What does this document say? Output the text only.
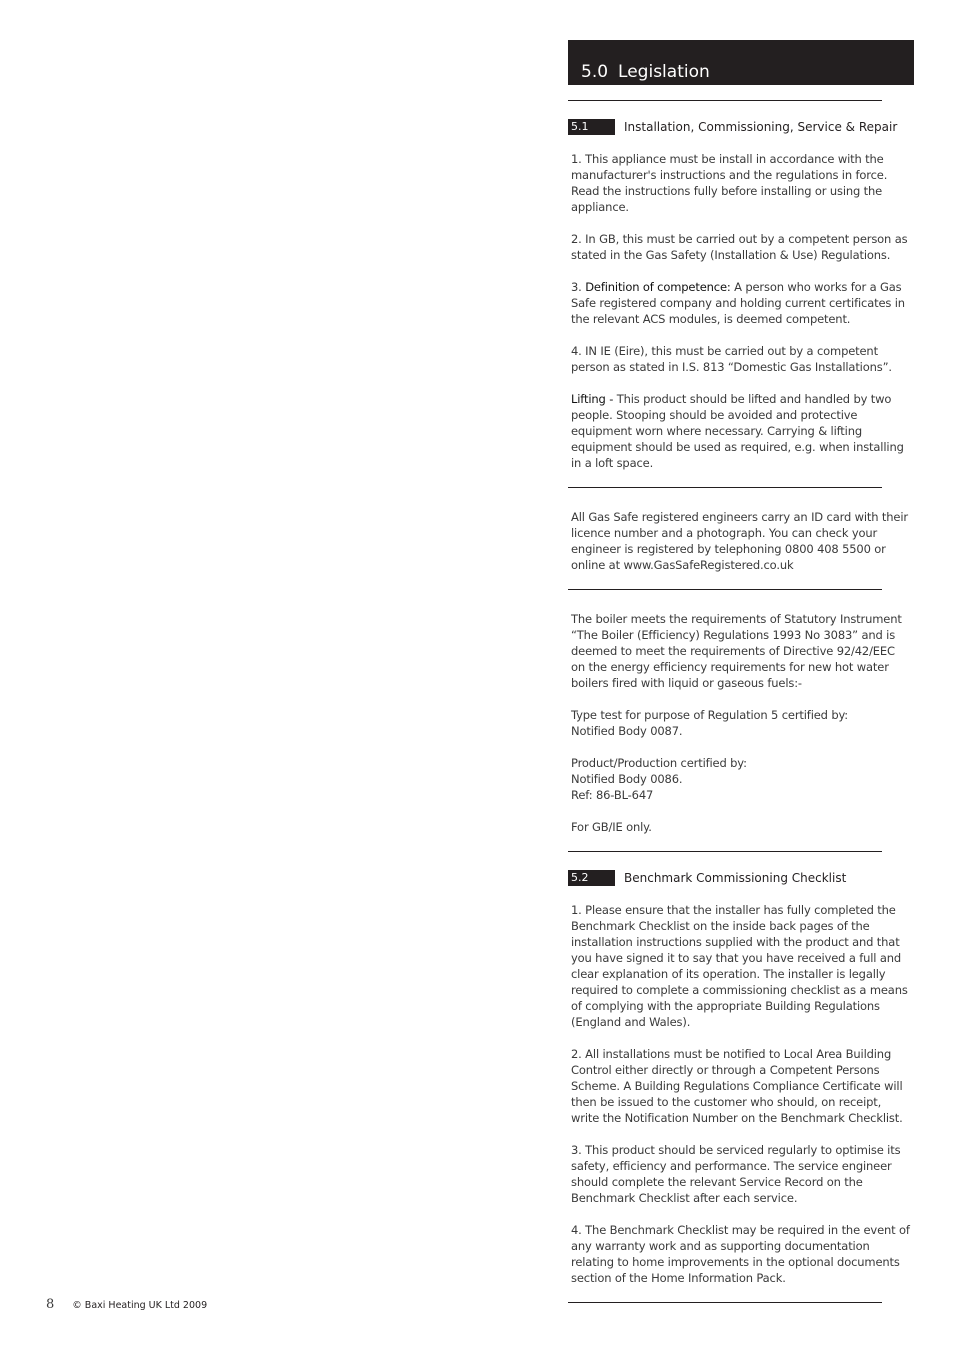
5.0 Legislation
5.1	Installation, Commissioning, Service & Repair

1. This appliance must be install in accordance with the manufacturer's instructions and the regulations in force. Read the instructions fully before installing or using the appliance.

2. In GB, this must be carried out by a competent person as stated in the Gas Safety (Installation & Use) Regulations.

3. Definition of competence: A person who works for a Gas Safe registered company and holding current certificates in the relevant ACS modules, is deemed competent.

4. IN IE (Eire), this must be carried out by a competent person as stated in I.S. 813 “Domestic Gas Installations”.

Lifting - This product should be lifted and handled by two people. Stooping should be avoided and protective equipment worn where necessary. Carrying & lifting equipment should be used as required, e.g. when installing in a loft space.

All Gas Safe registered engineers carry an ID card with their licence number and a photograph. You can check your engineer is registered by telephoning 0800 408 5500 or online at www.GasSafeRegistered.co.uk

The boiler meets the requirements of Statutory Instrument “The Boiler (Efficiency) Regulations 1993 No 3083” and is deemed to meet the requirements of Directive 92/42/EEC on the energy efficiency requirements for new hot water boilers fired with liquid or gaseous fuels:-

Type test for purpose of Regulation 5 certified by:
Notified Body 0087.

Product/Production certified by:
Notified Body 0086.
Ref: 86-BL-647

For GB/IE only.

5.2	Benchmark Commissioning Checklist

1. Please ensure that the installer has fully completed the Benchmark Checklist on the inside back pages of the installation instructions supplied with the product and that you have signed it to say that you have received a full and clear explanation of its operation. The installer is legally required to complete a commissioning checklist as a means of complying with the appropriate Building Regulations (England and Wales).

2. All installations must be notified to Local Area Building Control either directly or through a Competent Persons Scheme. A Building Regulations Compliance Certificate will then be issued to the customer who should, on receipt, write the Notification Number on the Benchmark Checklist.

3. This product should be serviced regularly to optimise its safety, efficiency and performance. The service engineer should complete the relevant Service Record on the Benchmark Checklist after each service.

4. The Benchmark Checklist may be required in the event of any warranty work and as supporting documentation relating to home improvements in the optional documents section of the Home Information Pack.

8 © Baxi Heating UK Ltd 2009
